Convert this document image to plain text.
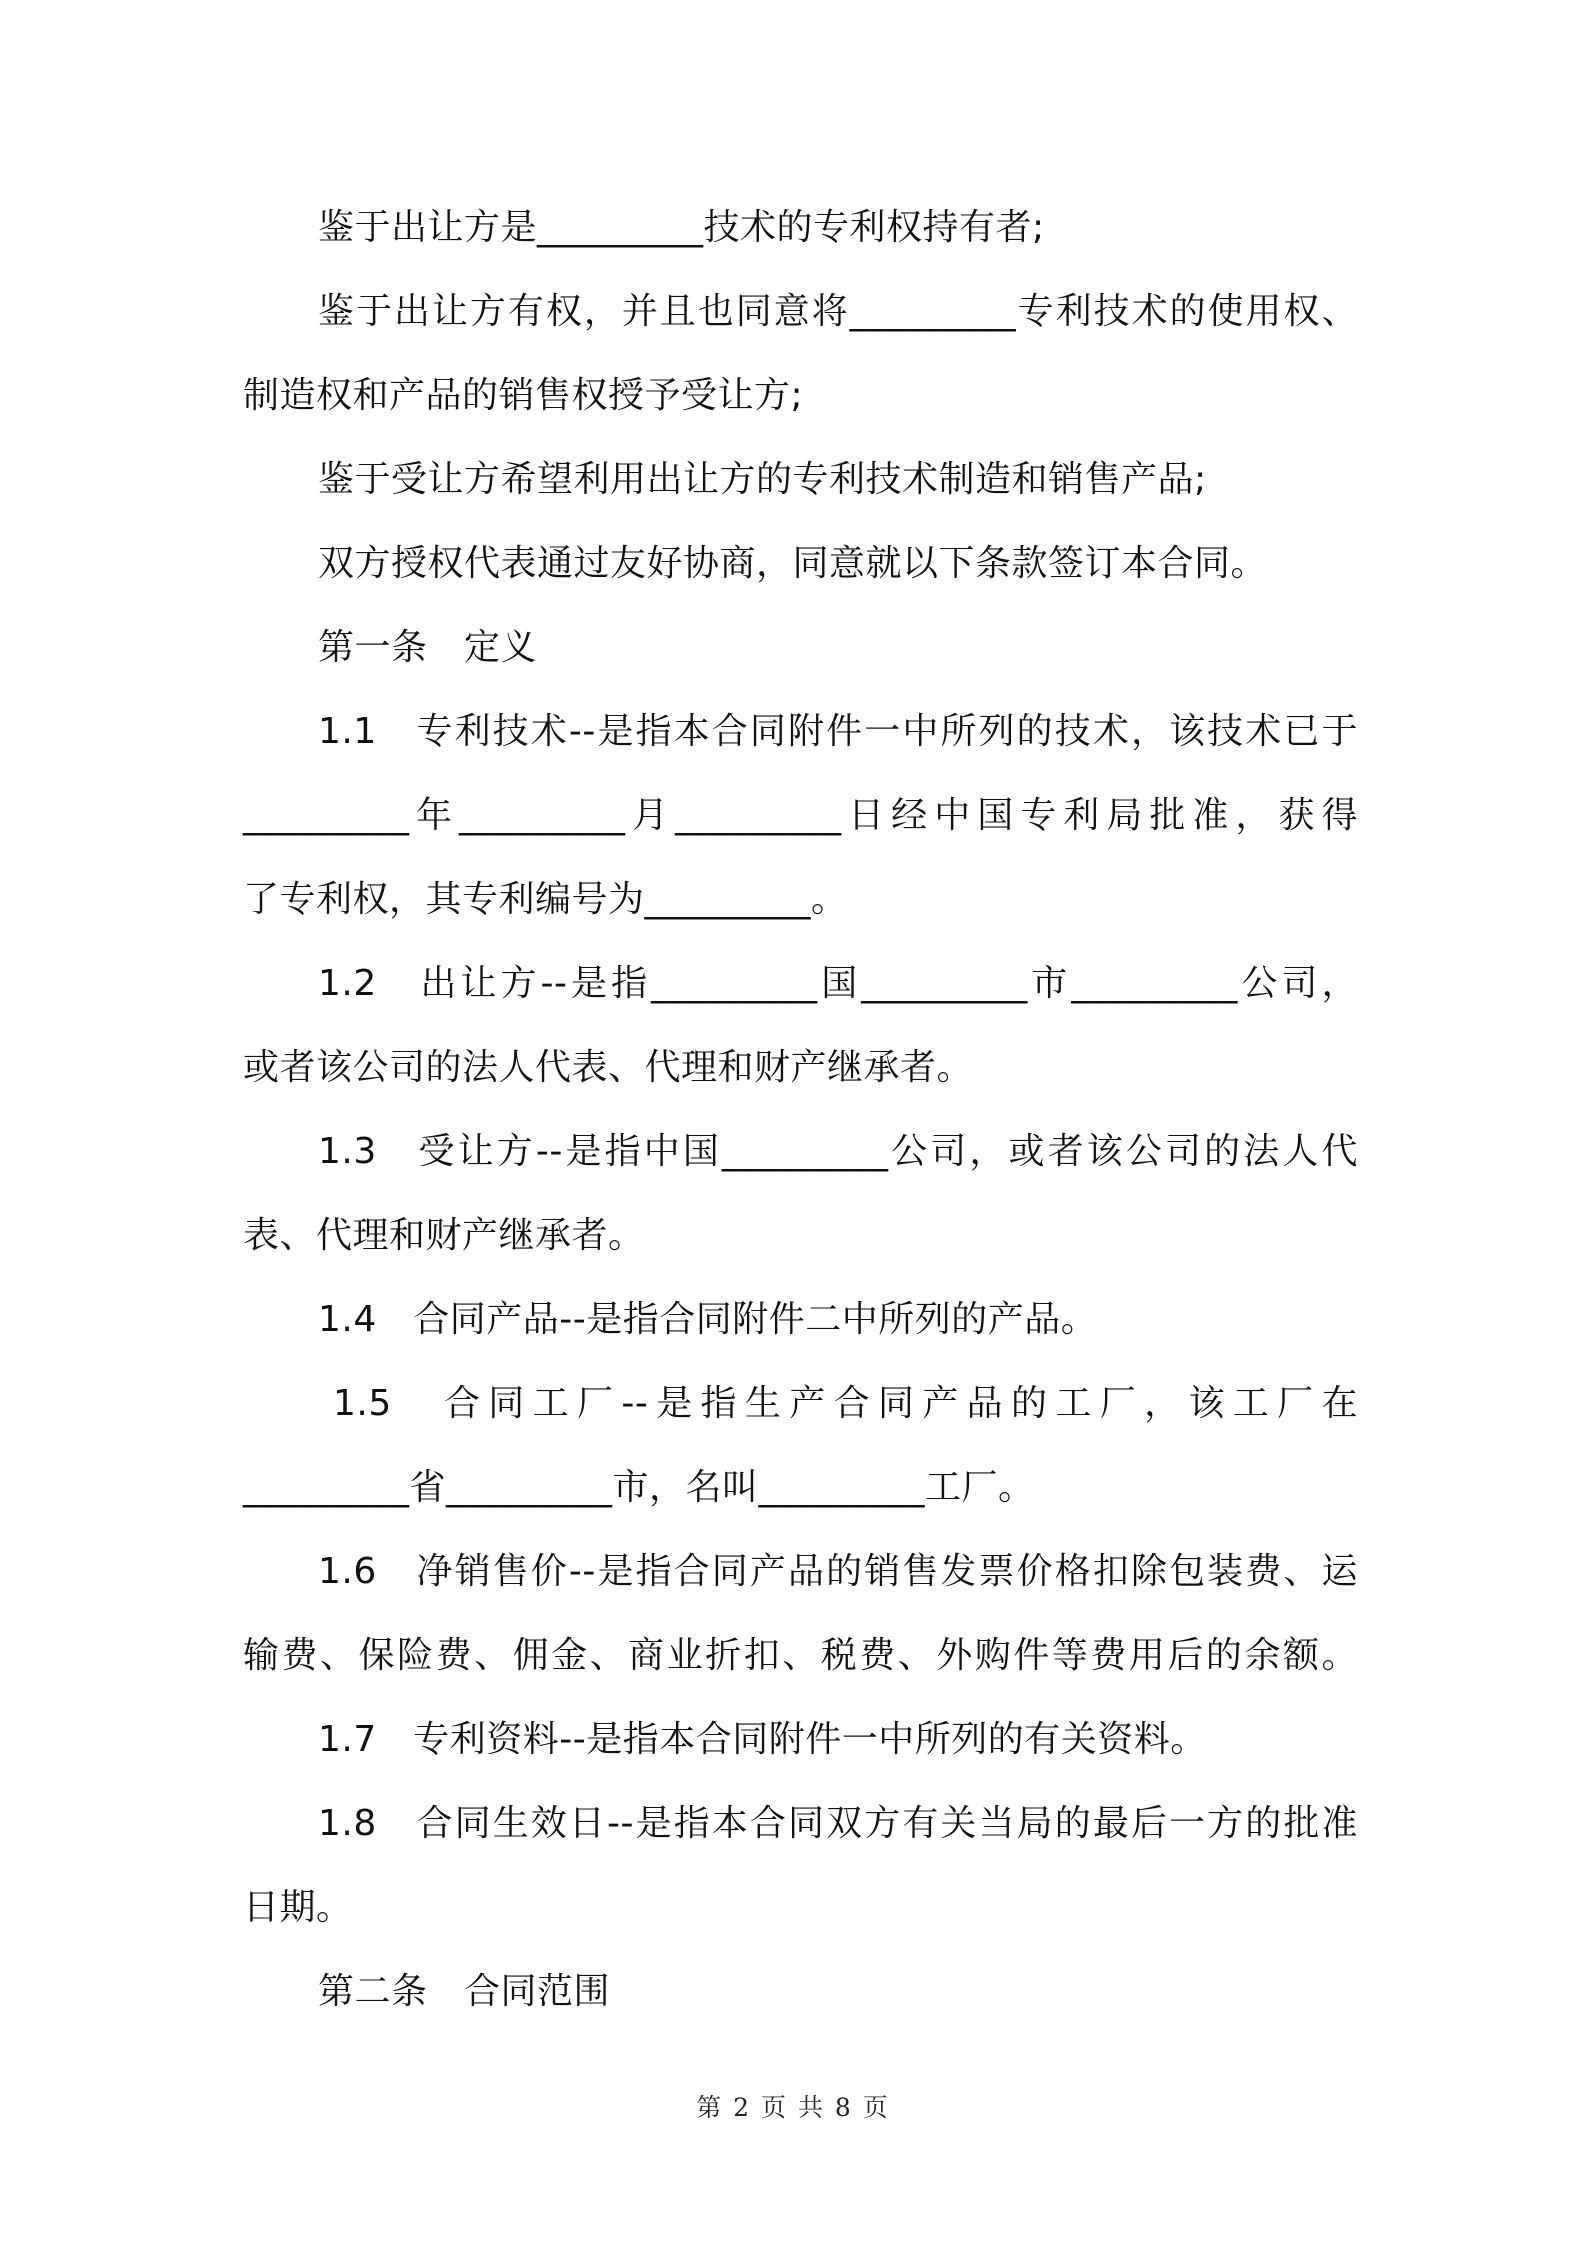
鉴于出让方是_________技术的专利权持有者;
鉴于出让方有权，并且也同意将_________专利技术的使用权、
制造权和产品的销售权授予受让方;
鉴于受让方希望利用出让方的专利技术制造和销售产品;
双方授权代表通过友好协商，同意就以下条款签订本合同。
第一条　定义
1.1　专利技术--是指本合同附件一中所列的技术，该技术已于
_________年_________月_________日经中国专利局批准，获得
了专利权，其专利编号为_________。
1.2　出让方--是指_________国_________市_________公司，
或者该公司的法人代表、代理和财产继承者。
1.3　受让方--是指中国_________公司，或者该公司的法人代
表、代理和财产继承者。
1.4　合同产品--是指合同附件二中所列的产品。
1.5　合同工厂--是指生产合同产品的工厂，该工厂在
_________省_________市，名叫_________工厂。
1.6　净销售价--是指合同产品的销售发票价格扣除包装费、运
输费、保险费、佣金、商业折扣、税费、外购件等费用后的余额。
1.7　专利资料--是指本合同附件一中所列的有关资料。
1.8　合同生效日--是指本合同双方有关当局的最后一方的批准
日期。
第二条　合同范围
第 2 页 共 8 页
